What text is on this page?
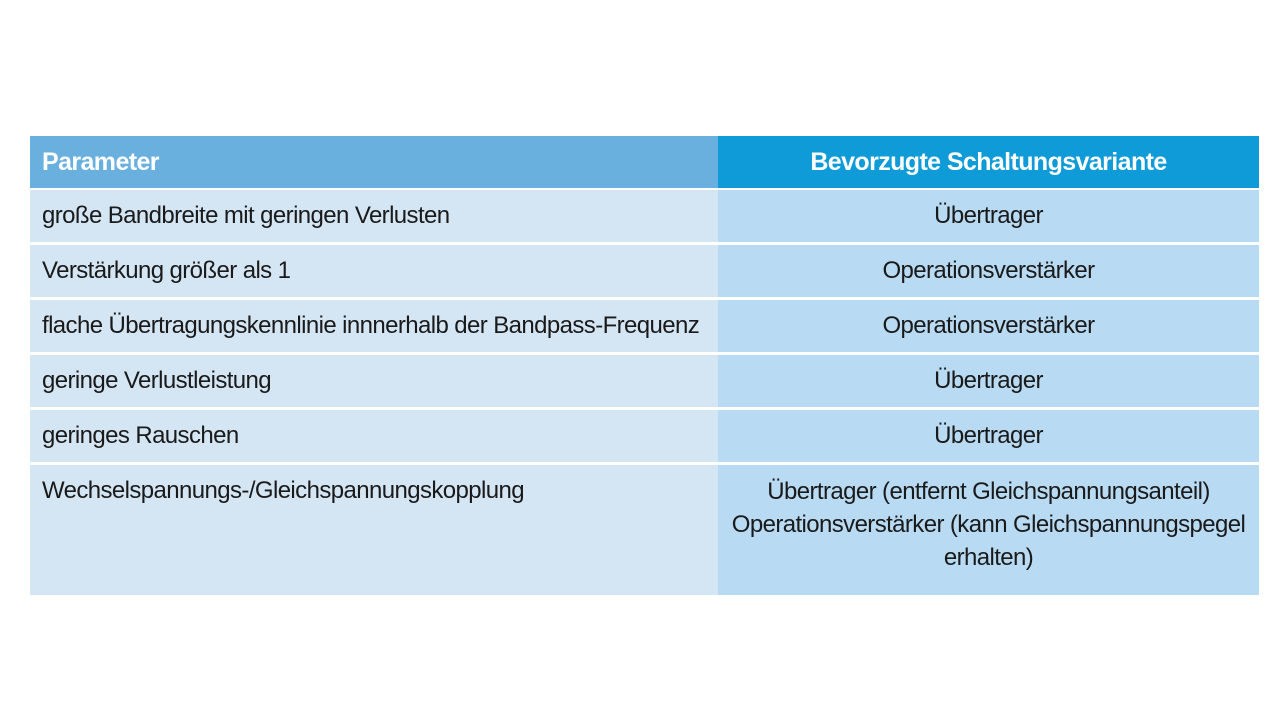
Parameter	Bevorzugte Schaltungsvariante
große Bandbreite mit geringen Verlusten	Übertrager
Verstärkung größer als 1	Operationsverstärker
flache Übertragungskennlinie innnerhalb der Bandpass-Frequenz	Operationsverstärker
geringe Verlustleistung	Übertrager
geringes Rauschen	Übertrager
Wechselspannungs-/Gleichspannungskopplung	Übertrager (entfernt Gleichspannungsanteil)
Operationsverstärker (kann Gleichspannungspegel
erhalten)
